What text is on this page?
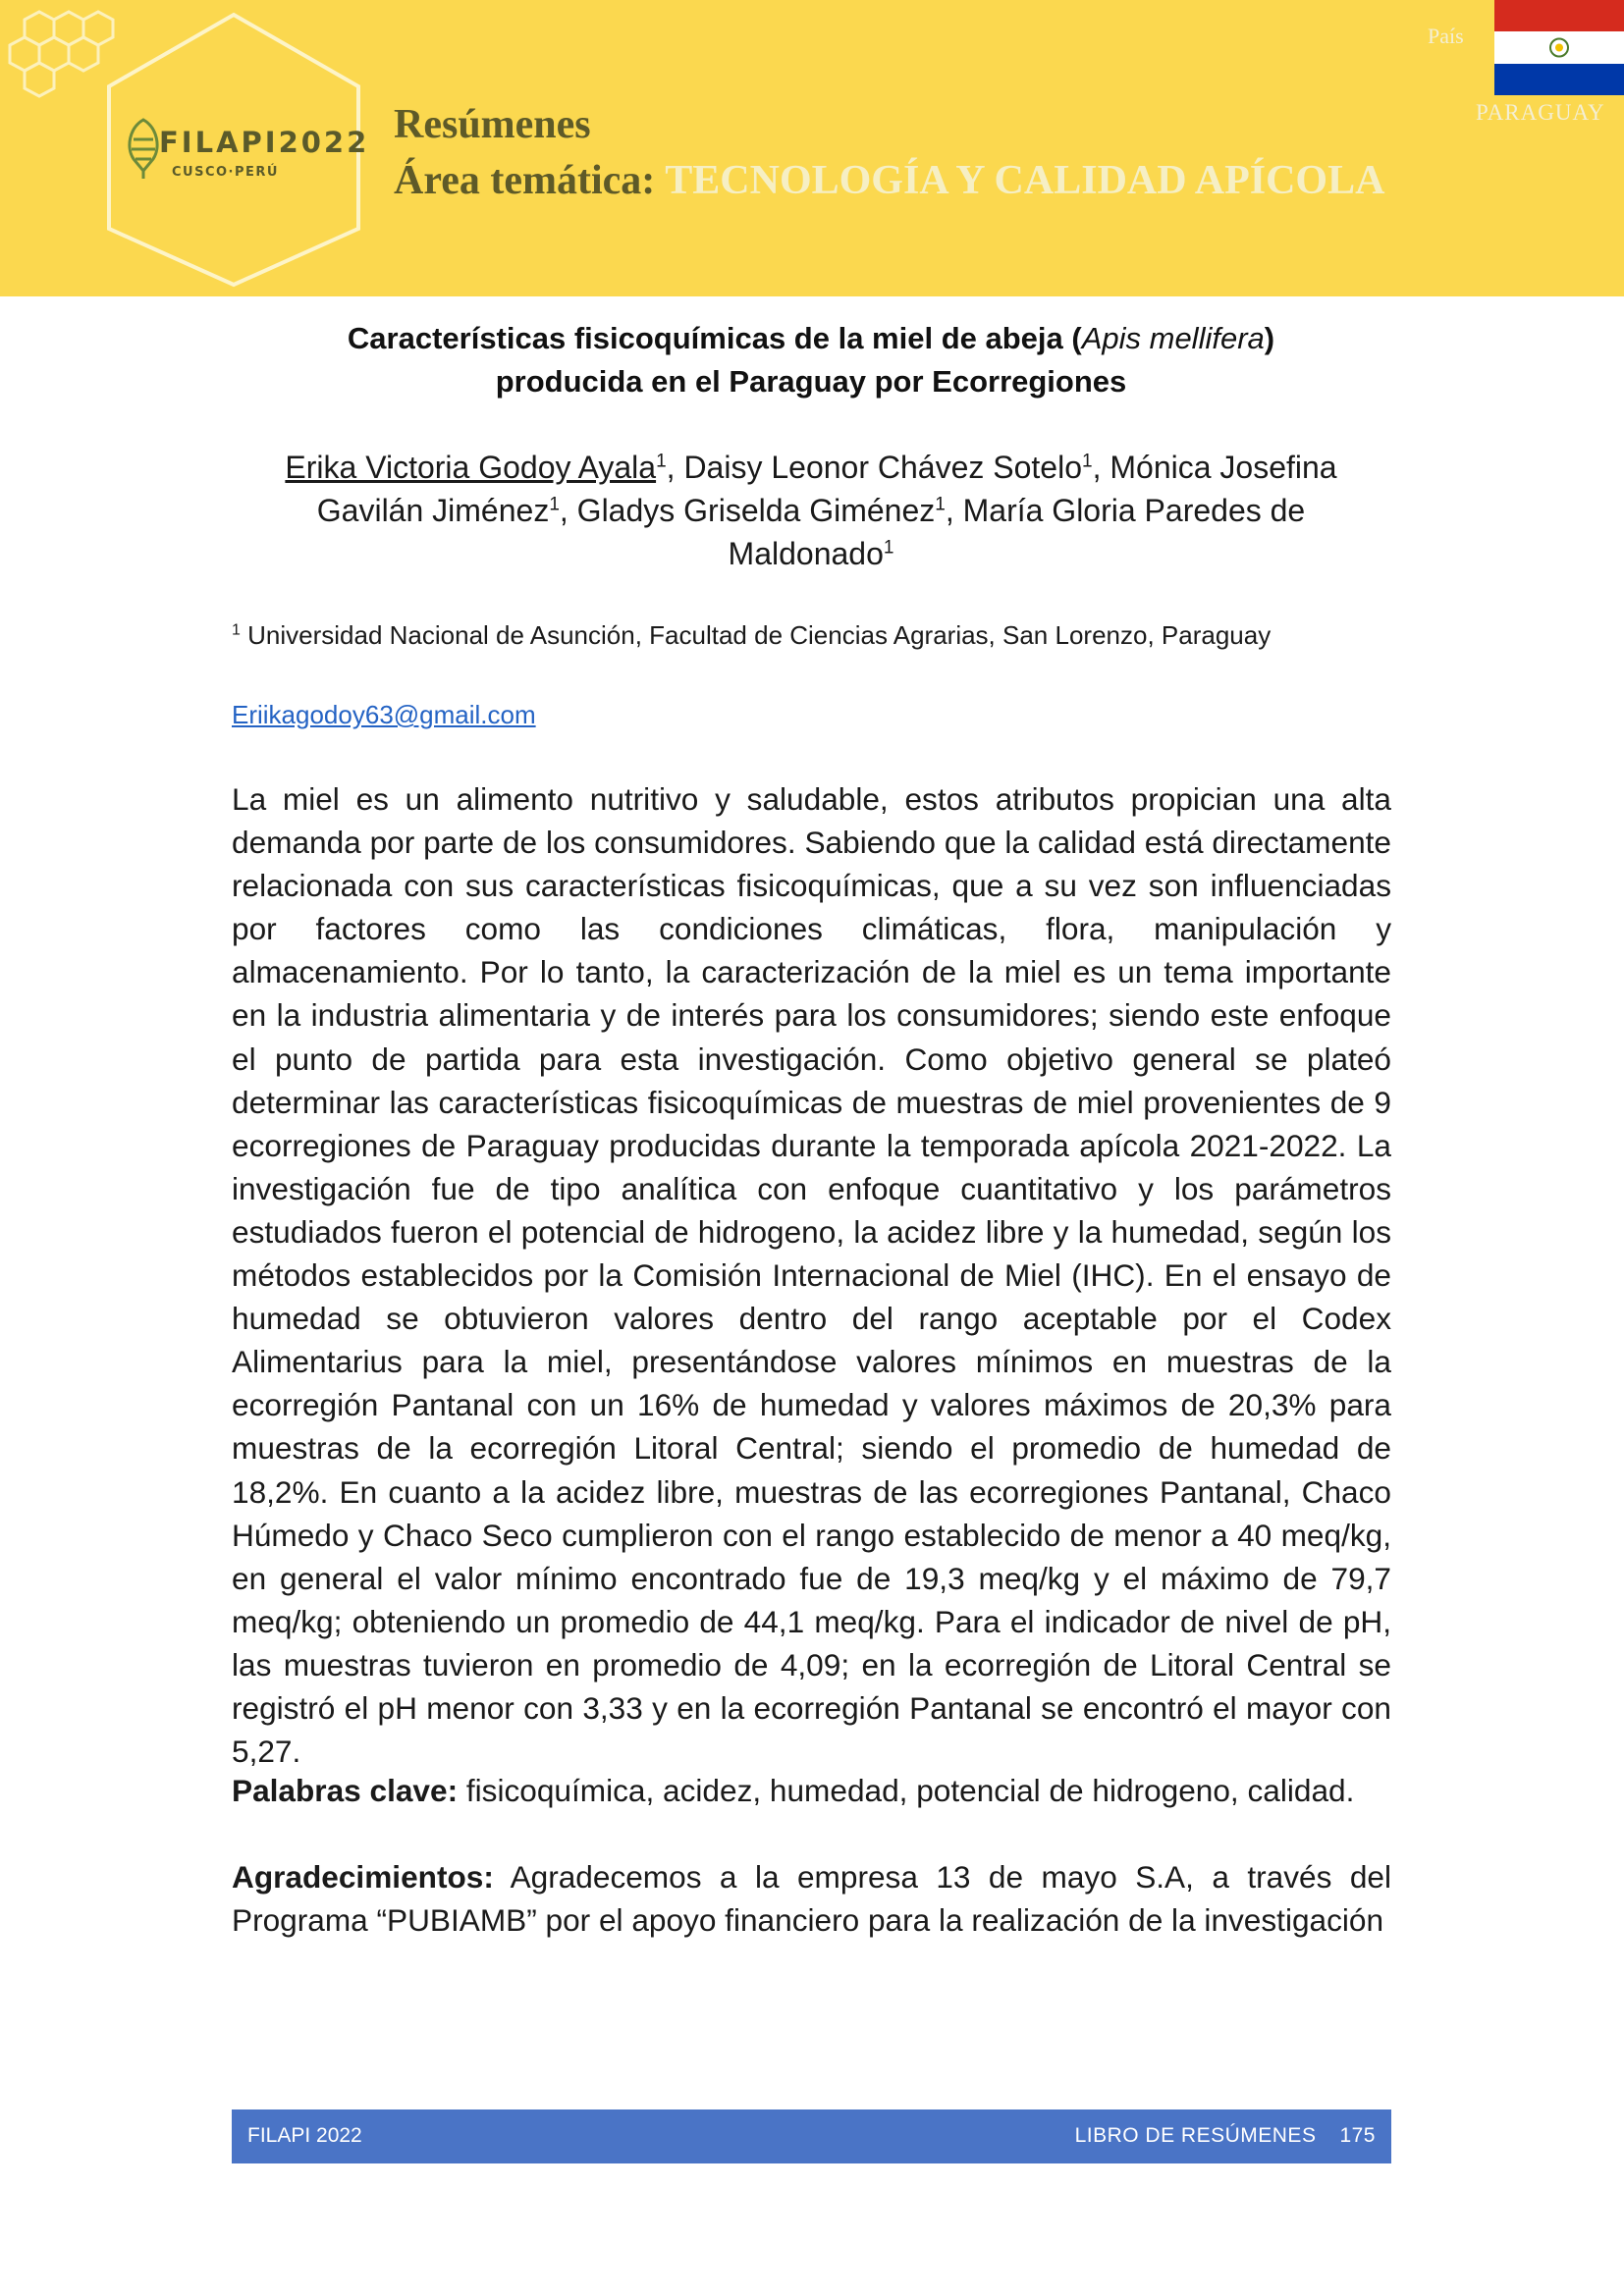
FILAPI2022
CUSCO·PERÚ
Resúmenes
Área temática: TECNOLOGÍA Y CALIDAD APÍCOLA
País
PARAGUAY
Características fisicoquímicas de la miel de abeja (Apis mellifera)
producida en el Paraguay por Ecorregiones
Erika Victoria Godoy Ayala$^1$, Daisy Leonor Chávez Sotelo$^1$, Mónica Josefina Gavilán Jiménez$^1$, Gladys Griselda Giménez$^1$, María Gloria Paredes de Maldonado$^1$
$^1$ Universidad Nacional de Asunción, Facultad de Ciencias Agrarias, San Lorenzo, Paraguay
Eriikagodoy63@gmail.com

La miel es un alimento nutritivo y saludable, estos atributos propician una alta demanda por parte de los consumidores. Sabiendo que la calidad está directamente relacionada con sus características fisicoquímicas, que a su vez son influenciadas por factores como las condiciones climáticas, flora, manipulación y almacenamiento. Por lo tanto, la caracterización de la miel es un tema importante en la industria alimentaria y de interés para los consumidores; siendo este enfoque el punto de partida para esta investigación. Como objetivo general se plateó determinar las características fisicoquímicas de muestras de miel provenientes de 9 ecorregiones de Paraguay producidas durante la temporada apícola 2021-2022. La investigación fue de tipo analítica con enfoque cuantitativo y los parámetros estudiados fueron el potencial de hidrogeno, la acidez libre y la humedad, según los métodos establecidos por la Comisión Internacional de Miel (IHC). En el ensayo de humedad se obtuvieron valores dentro del rango aceptable por el Codex Alimentarius para la miel, presentándose valores mínimos en muestras de la ecorregión Pantanal con un 16% de humedad y valores máximos de 20,3% para muestras de la ecorregión Litoral Central; siendo el promedio de humedad de 18,2%. En cuanto a la acidez libre, muestras de las ecorregiones Pantanal, Chaco Húmedo y Chaco Seco cumplieron con el rango establecido de menor a 40 meq/kg, en general el valor mínimo encontrado fue de 19,3 meq/kg y el máximo de 79,7 meq/kg; obteniendo un promedio de 44,1 meq/kg. Para el indicador de nivel de pH, las muestras tuvieron en promedio de 4,09; en la ecorregión de Litoral Central se registró el pH menor con 3,33 y en la ecorregión Pantanal se encontró el mayor con 5,27.

Palabras clave: fisicoquímica, acidez, humedad, potencial de hidrogeno, calidad.

Agradecimientos: Agradecemos a la empresa 13 de mayo S.A, a través del Programa “PUBIAMB” por el apoyo financiero para la realización de la investigación

FILAPI 2022	LIBRO DE RESÚMENES 175
